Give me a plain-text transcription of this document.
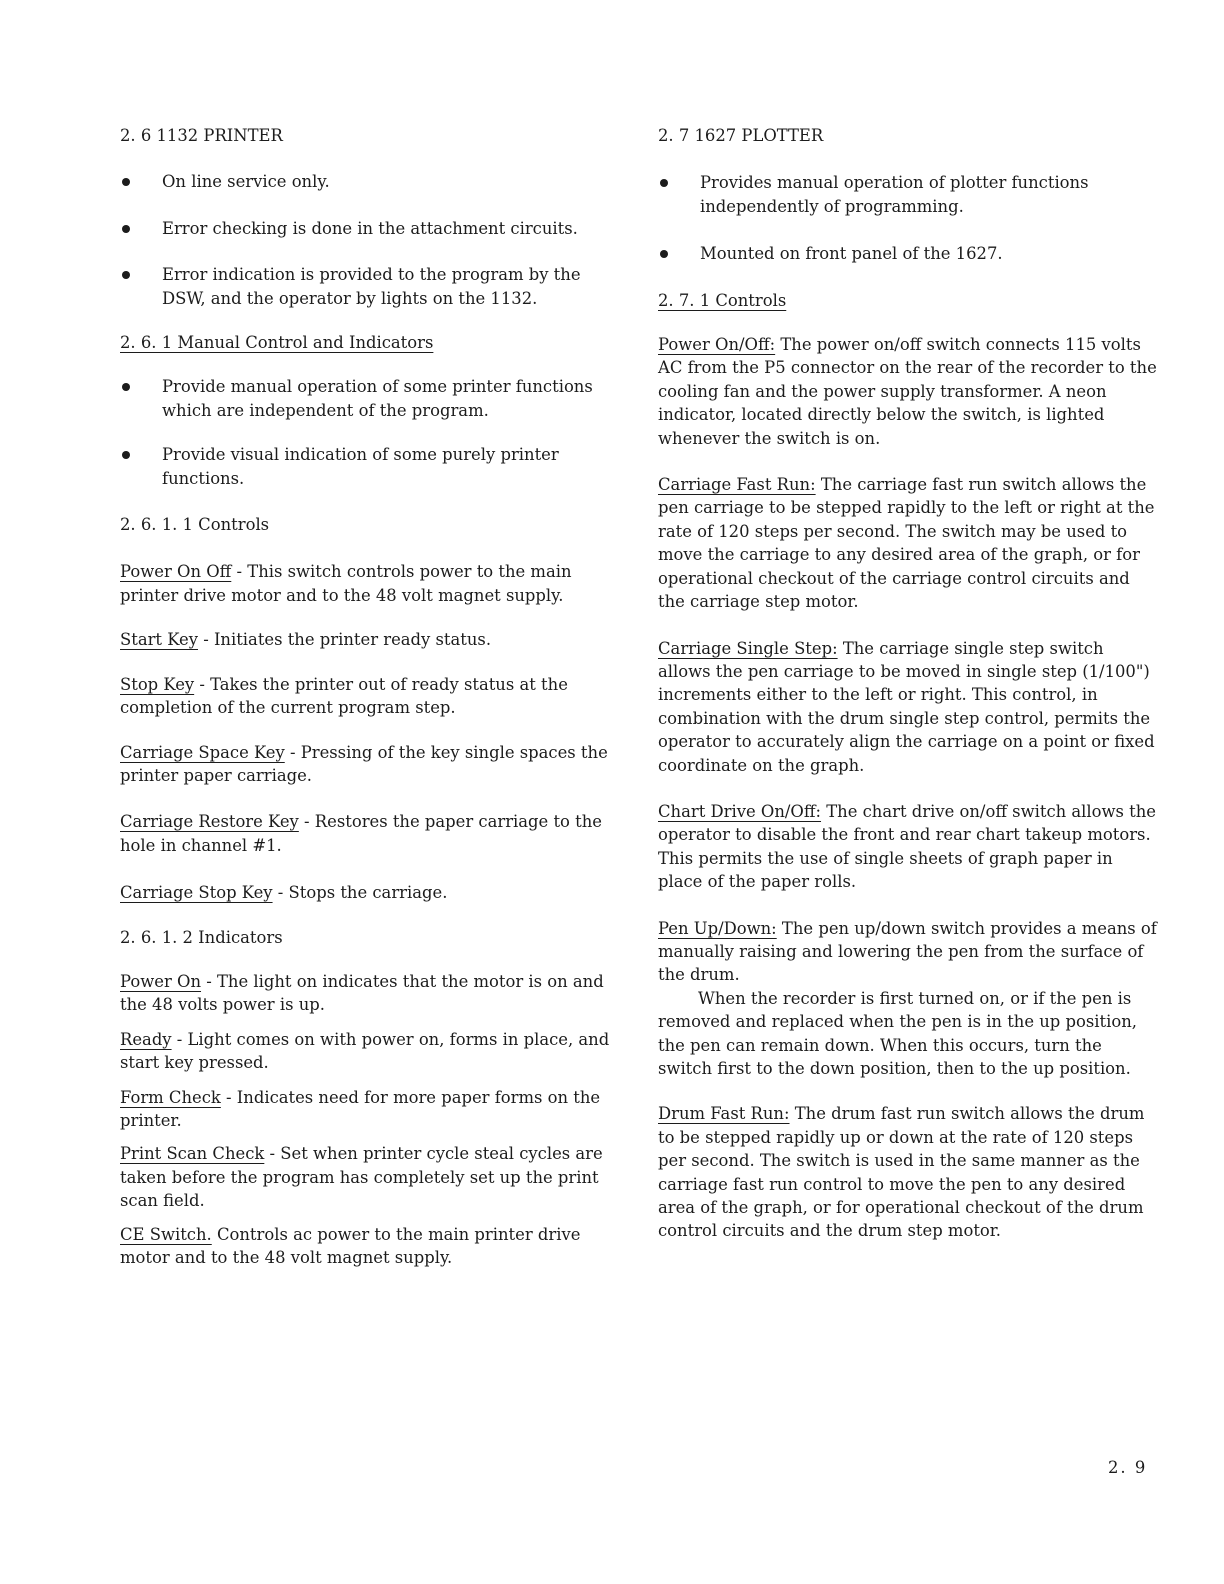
2. 6 1132 PRINTER
On line service only.
Error checking is done in the attachment circuits.
Error indication is provided to the program by the DSW, and the operator by lights on the 1132.
2. 6. 1 Manual Control and Indicators
Provide manual operation of some printer functions which are independent of the program.
Provide visual indication of some purely printer functions.
2. 6. 1. 1 Controls

Power On Off - This switch controls power to the main printer drive motor and to the 48 volt magnet supply.

Start Key - Initiates the printer ready status.

Stop Key - Takes the printer out of ready status at the completion of the current program step.

Carriage Space Key - Pressing of the key single spaces the printer paper carriage.

Carriage Restore Key - Restores the paper carriage to the hole in channel #1.

Carriage Stop Key - Stops the carriage.

2. 6. 1. 2 Indicators

Power On - The light on indicates that the motor is on and the 48 volts power is up.

Ready - Light comes on with power on, forms in place, and start key pressed.

Form Check - Indicates need for more paper forms on the printer.

Print Scan Check - Set when printer cycle steal cycles are taken before the program has completely set up the print scan field.

CE Switch. Controls ac power to the main printer drive motor and to the 48 volt magnet supply.

2. 7 1627 PLOTTER
Provides manual operation of plotter functions independently of programming.
Mounted on front panel of the 1627.
2. 7. 1 Controls

Power On/Off: The power on/off switch connects 115 volts AC from the P5 connector on the rear of the recorder to the cooling fan and the power supply transformer. A neon indicator, located directly below the switch, is lighted whenever the switch is on.

Carriage Fast Run: The carriage fast run switch allows the pen carriage to be stepped rapidly to the left or right at the rate of 120 steps per second. The switch may be used to move the carriage to any desired area of the graph, or for operational checkout of the carriage control circuits and the carriage step motor.

Carriage Single Step: The carriage single step switch allows the pen carriage to be moved in single step (1/100") increments either to the left or right. This control, in combination with the drum single step control, permits the operator to accurately align the carriage on a point or fixed coordinate on the graph.

Chart Drive On/Off: The chart drive on/off switch allows the operator to disable the front and rear chart takeup motors. This permits the use of single sheets of graph paper in place of the paper rolls.

Pen Up/Down: The pen up/down switch provides a means of manually raising and lowering the pen from the surface of the drum.

When the recorder is first turned on, or if the pen is removed and replaced when the pen is in the up position, the pen can remain down. When this occurs, turn the switch first to the down position, then to the up position.

Drum Fast Run: The drum fast run switch allows the drum to be stepped rapidly up or down at the rate of 120 steps per second. The switch is used in the same manner as the carriage fast run control to move the pen to any desired area of the graph, or for operational checkout of the drum control circuits and the drum step motor.

2. 9
